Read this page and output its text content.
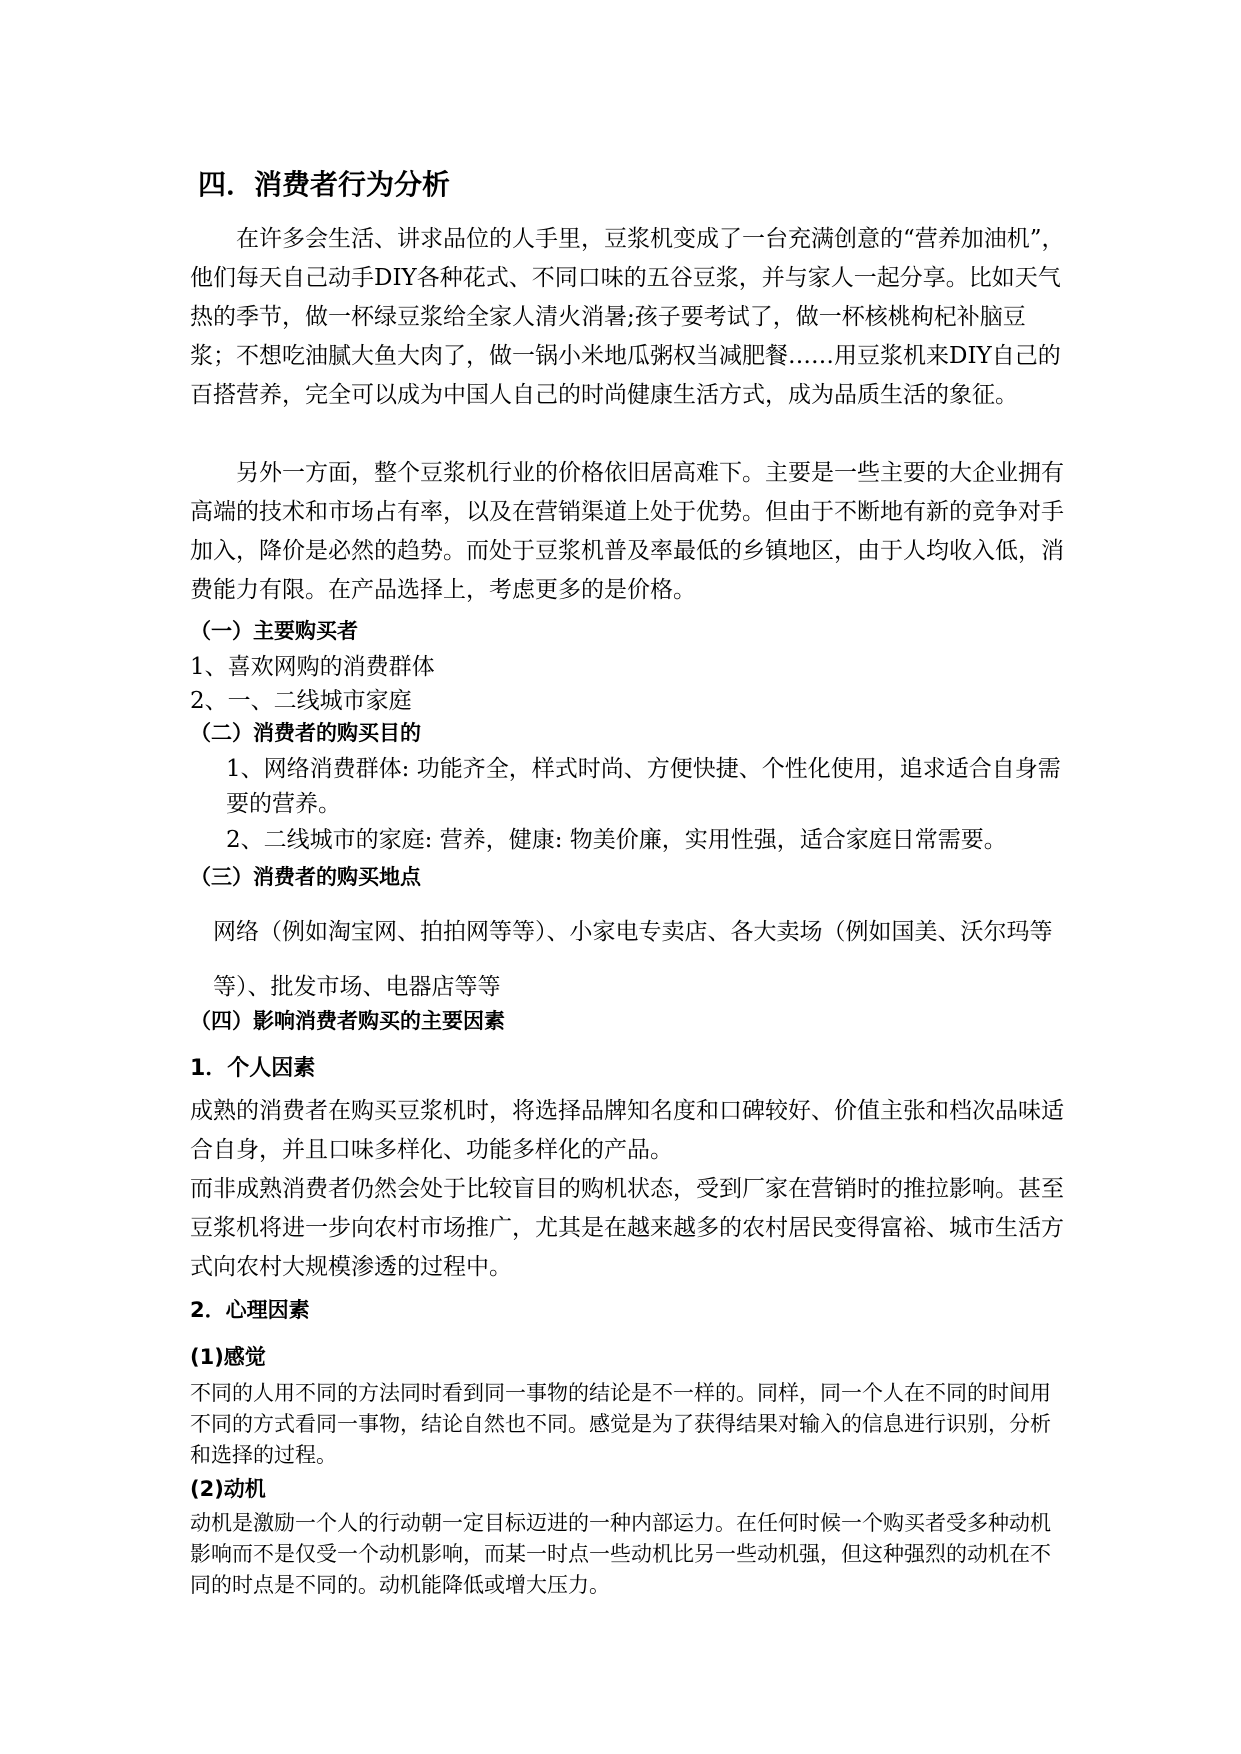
四．消费者行为分析

在许多会生活、讲求品位的人手里，豆浆机变成了一台充满创意的“营养加油机”，他们每天自己动手DIY各种花式、不同口味的五谷豆浆，并与家人一起分享。比如天气热的季节，做一杯绿豆浆给全家人清火消暑;孩子要考试了，做一杯核桃枸杞补脑豆浆；不想吃油腻大鱼大肉了，做一锅小米地瓜粥权当减肥餐……用豆浆机来DIY自己的百搭营养，完全可以成为中国人自己的时尚健康生活方式，成为品质生活的象征。

另外一方面，整个豆浆机行业的价格依旧居高难下。主要是一些主要的大企业拥有高端的技术和市场占有率，以及在营销渠道上处于优势。但由于不断地有新的竞争对手加入，降价是必然的趋势。而处于豆浆机普及率最低的乡镇地区，由于人均收入低，消费能力有限。在产品选择上，考虑更多的是价格。

（一）主要购买者
1、喜欢网购的消费群体
2、一、二线城市家庭
（二）消费者的购买目的

1、网络消费群体: 功能齐全，样式时尚、方便快捷、个性化使用，追求适合自身需要的营养。

2、二线城市的家庭: 营养，健康: 物美价廉，实用性强，适合家庭日常需要。

（三）消费者的购买地点

网络（例如淘宝网、拍拍网等等）、小家电专卖店、各大卖场（例如国美、沃尔玛等等）、批发市场、电器店等等

（四）影响消费者购买的主要因素
1．个人因素

成熟的消费者在购买豆浆机时，将选择品牌知名度和口碑较好、价值主张和档次品味适合自身，并且口味多样化、功能多样化的产品。

而非成熟消费者仍然会处于比较盲目的购机状态，受到厂家在营销时的推拉影响。甚至豆浆机将进一步向农村市场推广，尤其是在越来越多的农村居民变得富裕、城市生活方式向农村大规模渗透的过程中。

2．心理因素
(1)感觉

不同的人用不同的方法同时看到同一事物的结论是不一样的。同样，同一个人在不同的时间用不同的方式看同一事物，结论自然也不同。感觉是为了获得结果对输入的信息进行识别，分析和选择的过程。

(2)动机

动机是激励一个人的行动朝一定目标迈进的一种内部运力。在任何时候一个购买者受多种动机影响而不是仅受一个动机影响，而某一时点一些动机比另一些动机强，但这种强烈的动机在不同的时点是不同的。动机能降低或增大压力。
